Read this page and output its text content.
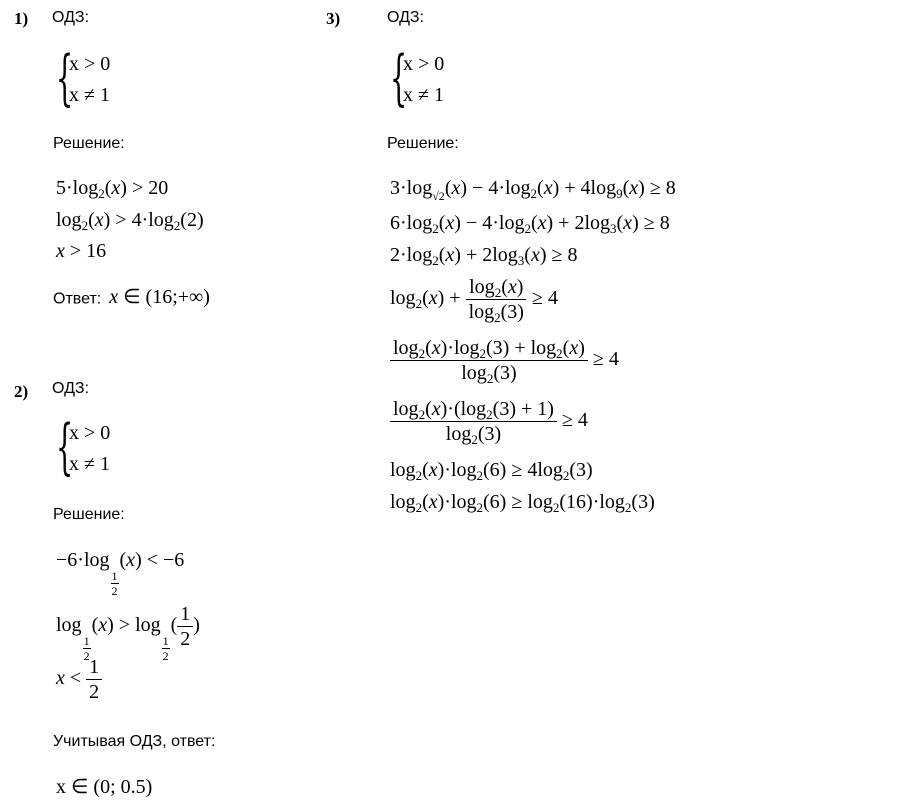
1) ОДЗ:
{
x > 0
x ≠ 1
Решение:
$5\cdot\log_2(x) > 20$
$\log_2(x) > 4\cdot\log_2(2)$
x > 16
Ответ: x ∈ (16;+∞)
2) ОДЗ:
{
x > 0
x ≠ 1
Решение:
−6·log
$\frac{1}{2}$
(x) < −6
log
$\frac{1}{2}$
(x) > log
$\frac{1}{2}$
( $\frac{1}{2}$ )
$x < \frac{1}{2}$
Учитывая ОДЗ, ответ:
x ∈ (0; 0.5)
3)	ОДЗ:
{
x > 0
x ≠ 1
Решение:
$3\cdot\log_{√2}(x) - 4\cdot\log_2(x) + 4\log_9(x) \ge 8$
$6\cdot\log_2(x) - 4\cdot\log_2(x) + 2\log_3(x) \ge 8$
$2\cdot\log_2(x) + 2\log_3(x) \ge 8$
$\log_2(x) + \frac{\log_2(x)}{\log_2(3)} \ge 4$
$\frac{\log_2(x)\cdot\log_2(3) + \log_2(x)}{\log_2(3)} \ge 4$
$\frac{\log_2(x)\cdot(\log_2(3) + 1)}{\log_2(3)} \ge 4$
$\log_2(x)\cdot\log_2(6) \ge 4\log_2(3)$
$\log_2(x)\cdot\log_2(6) \ge \log_2(16)\cdot\log_2(3)$
